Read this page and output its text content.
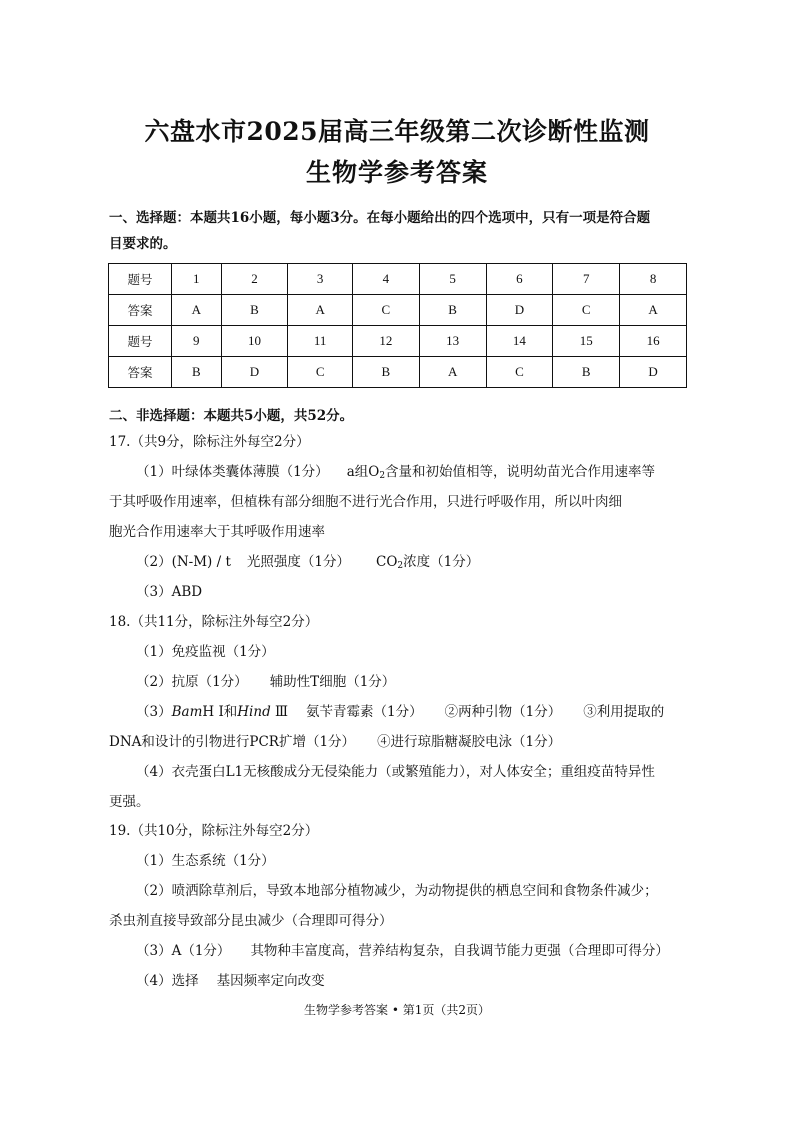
六盘水市2025届高三年级第二次诊断性监测
生物学参考答案
一、选择题：本题共16小题，每小题3分。在每小题给出的四个选项中，只有一项是符合题
目要求的。
题号	1	2	3	4	5	6	7	8
答案	A	B	A	C	B	D	C	A
题号	9	10	11	12	13	14	15	16
答案	B	D	C	B	A	C	B	D
二、非选择题：本题共5小题，共52分。
17.（共9分，除标注外每空2分）
（1）叶绿体类囊体薄膜（1分） a组$O_2$含量和初始值相等，说明幼苗光合作用速率等
于其呼吸作用速率，但植株有部分细胞不进行光合作用，只进行呼吸作用，所以叶肉细
胞光合作用速率大于其呼吸作用速率
（2）(N-M) / t 光照强度（1分） $CO_2$浓度（1分）
（3）ABD
18.（共11分，除标注外每空2分）
（1）免疫监视（1分）
（2）抗原（1分） 辅助性T细胞（1分）
（3）BamH Ⅰ和Hind Ⅲ 氨苄青霉素（1分） ②两种引物（1分） ③利用提取的
DNA和设计的引物进行PCR扩增（1分） ④进行琼脂糖凝胶电泳（1分）
（4）衣壳蛋白L1无核酸成分无侵染能力（或繁殖能力），对人体安全；重组疫苗特异性
更强。
19.（共10分，除标注外每空2分）
（1）生态系统（1分）
（2）喷洒除草剂后，导致本地部分植物减少，为动物提供的栖息空间和食物条件减少；
杀虫剂直接导致部分昆虫减少（合理即可得分）
（3）A（1分） 其物种丰富度高，营养结构复杂，自我调节能力更强（合理即可得分）
（4）选择 基因频率定向改变
生物学参考答案 • 第1页（共2页）
